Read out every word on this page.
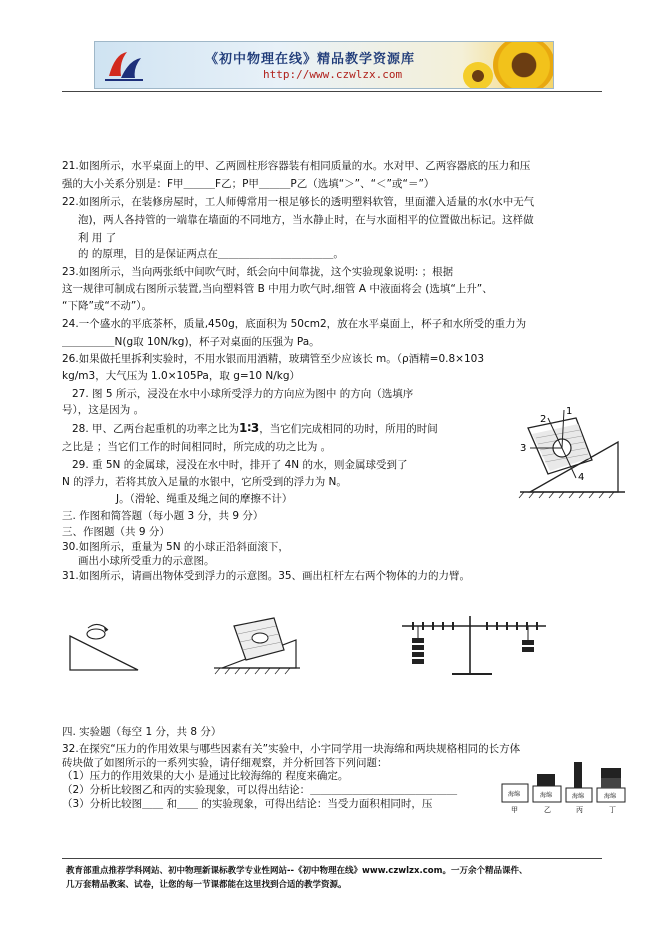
《初中物理在线》精品教学资源库
http://www.czwlzx.com
21.如图所示，水平桌面上的甲、乙两圆柱形容器装有相同质量的水。水对甲、乙两容器底的压力和压
强的大小关系分别是：F甲＿＿＿F乙；P甲＿＿＿P乙（选填“＞”、“＜”或“＝”）
22.如图所示，在装修房屋时，工人师傅常用一根足够长的透明塑料软管，里面灌入适量的水(水中无气
泡)，两人各持管的一端靠在墙面的不同地方，当水静止时，在与水面相平的位置做出标记。这样做
利 用 了
的 的原理，目的是保证两点在＿＿＿＿＿＿＿＿＿＿＿。
23.如图所示，当向两张纸中间吹气时，纸会向中间靠拢，这个实验现象说明: ；根据
这一规律可制成右图所示装置,当向塑料管 B 中用力吹气时,细管 A 中液面将会 (选填“上升”、
“下降”或“不动”）。
24.一个盛水的平底茶杯，质量,450g，底面积为 50cm2，放在水平桌面上，杯子和水所受的重力为
＿＿＿＿＿N(g取 10N/kg)，杯子对桌面的压强为 Pa。
26.如果做托里拆利实验时，不用水银而用酒精，玻璃管至少应该长 m。（ρ酒精=0.8×103
kg/m3，大气压为 1.0×105Pa，取 g=10 N/kg）
27. 图 5 所示，浸没在水中小球所受浮力的方向应为图中 的方向（选填序
号），这是因为 。
28. 甲、乙两台起重机的功率之比为1∶3，当它们完成相同的功时，所用的时间
之比是 ；当它们工作的时间相同时，所完成的功之比为 。
29. 重 5N 的金属球，浸没在水中时，排开了 4N 的水，则金属球受到了
N 的浮力，若将其放入足量的水银中，它所受到的浮力为 N。
J。（滑轮、绳重及绳之间的摩擦不计）
三. 作图和简答题（每小题 3 分，共 9 分）
三、作图题（共 9 分）
30.如图所示，重量为 5N 的小球正沿斜面滚下，
画出小球所受重力的示意图。
31.如图所示，请画出物体受到浮力的示意图。35、画出杠杆左右两个物体的力的力臂。
1
2
3
4
四. 实验题（每空 1 分，共 8 分）
32.在探究“压力的作用效果与哪些因素有关”实验中，小宇同学用一块海绵和两块规格相同的长方体
砖块做了如图所示的一系列实验，请仔细观察，并分析回答下列问题：
（1）压力的作用效果的大小 是通过比较海绵的 程度来确定。
（2）分析比较图乙和丙的实验现象，可以得出结论：＿＿＿＿＿＿＿＿＿＿＿＿＿＿
（3）分析比较图＿＿ 和＿＿ 的实验现象，可得出结论：当受力面积相同时，压
海绵
甲
海绵
乙
海绵
丙
海绵
丁
教育部重点推荐学科网站、初中物理新课标教学专业性网站--《初中物理在线》www.czwlzx.com。一万余个精品课件、
几万套精品教案、试卷，让您的每一节课都能在这里找到合适的教学资源。
